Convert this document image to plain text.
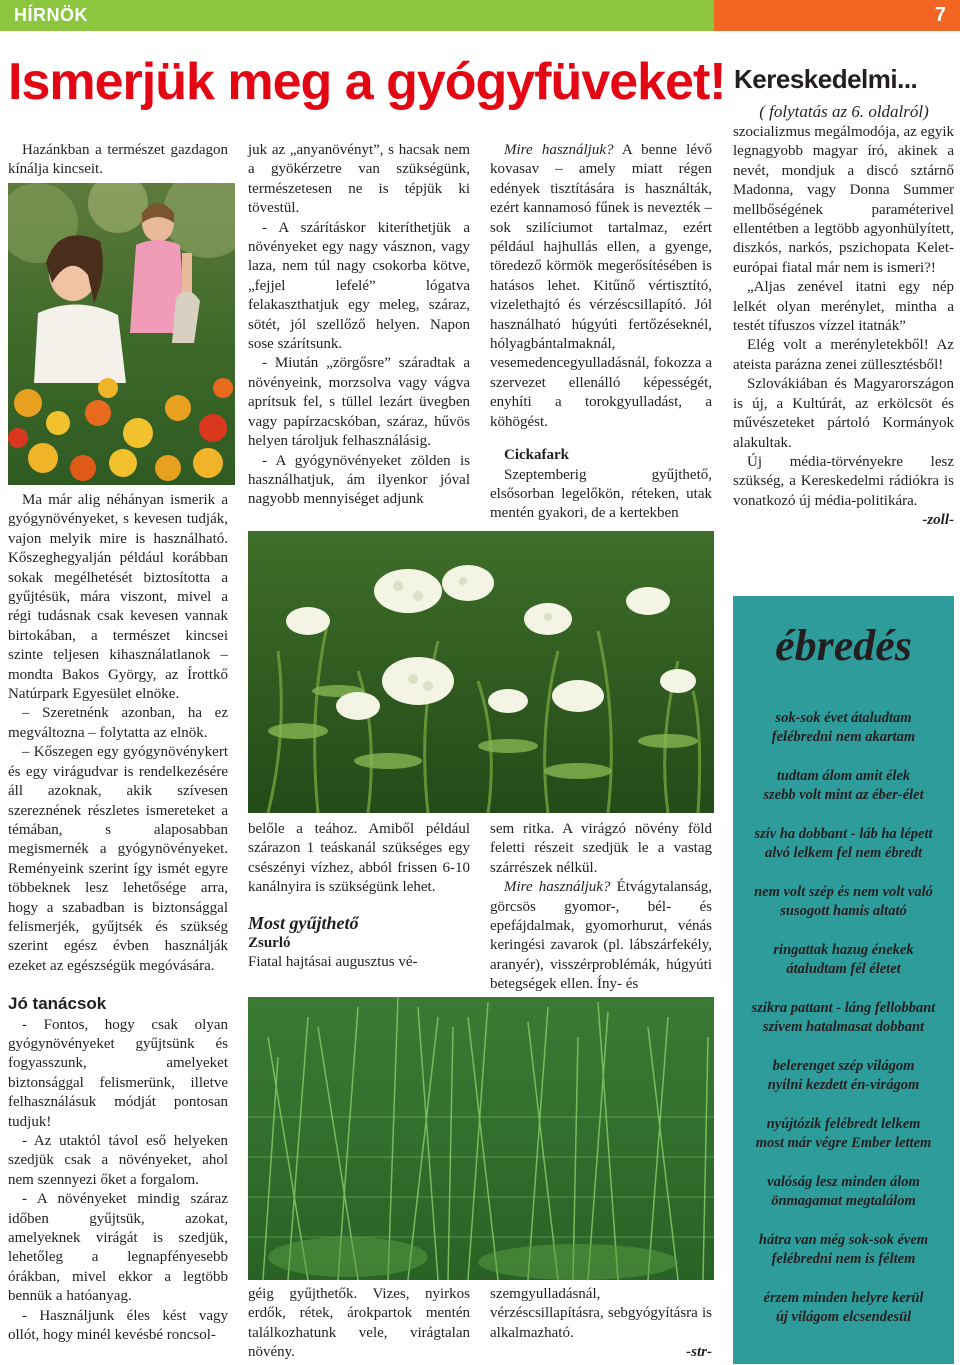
HÍRNÖK	7
Ismerjük meg a gyógyfüveket!

Hazánkban a természet gazdagon kínálja kincseit.

Ma már alig néhányan ismerik a gyógynövényeket, s kevesen tudják, vajon melyik mire is használható. Kőszeghegyalján például korábban sokak megélhetését biztosította a gyűjtésük, mára viszont, mivel a régi tudásnak csak kevesen vannak birtokában, a természet kincsei szinte teljesen kihasználatlanok – mondta Bakos György, az Írottkő Natúrpark Egyesület elnöke.

– Szeretnénk azonban, ha ez megváltozna – folytatta az elnök.

– Kőszegen egy gyógynövénykert és egy virágudvar is rendelkezésére áll azoknak, akik szívesen szereznének részletes ismereteket a témában, s alaposabban megismernék a gyógynövényeket. Reményeink szerint így ismét egyre többeknek lesz lehetősége arra, hogy a szabadban is biztonsággal felismerjék, gyűjtsék és szükség szerint egész évben használják ezeket az egészségük megóvására.

Jó tanácsok

- Fontos, hogy csak olyan gyógynövényeket gyűjtsünk és fogyasszunk, amelyeket biztonsággal felismerünk, illetve felhasználásuk módját pontosan tudjuk!

- Az utaktól távol eső helyeken szedjük csak a növényeket, ahol nem szennyezi őket a forgalom.

- A növényeket mindig száraz időben gyűjtsük, azokat, amelyeknek virágát is szedjük, lehetőleg a legnapfényesebb órákban, mivel ekkor a legtöbb bennük a hatóanyag.

- Használjunk éles kést vagy ollót, hogy minél kevésbé roncsol-

juk az „anyanövényt”, s hacsak nem a gyökérzetre van szükségünk, természetesen ne is tépjük ki tövestül.

- A szárításkor kiteríthetjük a növényeket egy nagy vásznon, vagy laza, nem túl nagy csokorba kötve, „fejjel lefelé” lógatva felakaszthatjuk egy meleg, száraz, sötét, jól szellőző helyen. Napon sose szárítsunk.

- Miután „zörgősre” száradtak a növényeink, morzsolva vagy vágva aprítsuk fel, s tüllel lezárt üvegben vagy papírzacskóban, száraz, hűvös helyen tároljuk felhasználásig.

- A gyógynövényeket zölden is használhatjuk, ám ilyenkor jóval nagyobb mennyiséget adjunk

belőle a teához. Amiből például szárazon 1 teáskanál szükséges egy csészényi vízhez, abból frissen 6-10 kanálnyira is szükségünk lehet.

Most gyűjthető

Zsurló

Fiatal hajtásai augusztus vé-

géig gyűjthetők. Vizes, nyirkos erdők, rétek, árokpartok mentén találkozhatunk vele, virágtalan növény.

Mire használjuk? A benne lévő kovasav – amely miatt régen edények tisztítására is használták, ezért kannamosó fűnek is nevezték – sok szilíciumot tartalmaz, ezért például hajhullás ellen, a gyenge, töredező körmök megerősítésében is hatásos lehet. Kitűnő vértisztító, vizelethajtó és vérzéscsillapító. Jól használható húgyúti fertőzéseknél, hólyagbántalmaknál, vesemedencegyulladásnál, fokozza a szervezet ellenálló képességét, enyhíti a torokgyulladást, a köhögést.

Cickafark

Szeptemberig gyűjthető, elsősorban legelőkön, réteken, utak mentén gyakori, de a kertekben

sem ritka. A virágzó növény föld feletti részeit szedjük le a vastag szárrészek nélkül.

Mire használjuk? Étvágytalanság, görcsös gyomor-, bél- és epefájdalmak, gyomorhurut, vénás keringési zavarok (pl. lábszárfekély, aranyér), visszérproblémák, húgyúti betegségek ellen. Íny- és

szemgyulladásnál, vérzéscsillapításra, sebgyógyításra is alkalmazható.

-str-

Kereskedelmi...
( folytatás az 6. oldalról)

szocializmus megálmodója, az egyik legnagyobb magyar író, akinek a nevét, mondjuk a discó sztárnő Madonna, vagy Donna Summer mellbőségének paraméterivel ellentétben a legtöbb agyonhülyített, diszkós, narkós, pszichopata Kelet-európai fiatal már nem is ismeri?!

„Aljas zenével itatni egy nép lelkét olyan merénylet, mintha a testét tífuszos vízzel itatnák”

Elég volt a merényletekből! Az ateista parázna zenei züllesztésből!

Szlovákiában és Magyarországon is új, a Kultúrát, az erkölcsöt és művészeteket pártoló Kormányok alakultak.

Új média-törvényekre lesz szükség, a Kereskedelmi rádiókra is vonatkozó új média-politikára.

-zoll-

ébredés
sok-sok évet átaludtam
felébredni nem akartam
tudtam álom amit élek
szebb volt mint az éber-élet
szív ha dobbant - láb ha lépett
alvó lelkem fel nem ébredt
nem volt szép és nem volt való
susogott hamis altató
ringattak hazug énekek
átaludtam fél életet
szikra pattant - láng fellobbant
szívem hatalmasat dobbant
belerenget szép világom
nyílni kezdett én-virágom
nyújtózik felébredt lelkem
most már végre Ember lettem
valóság lesz minden álom
önmagamat megtalálom
hátra van még sok-sok évem
felébredni nem is féltem
érzem minden helyre kerül
új világom elcsendesül
